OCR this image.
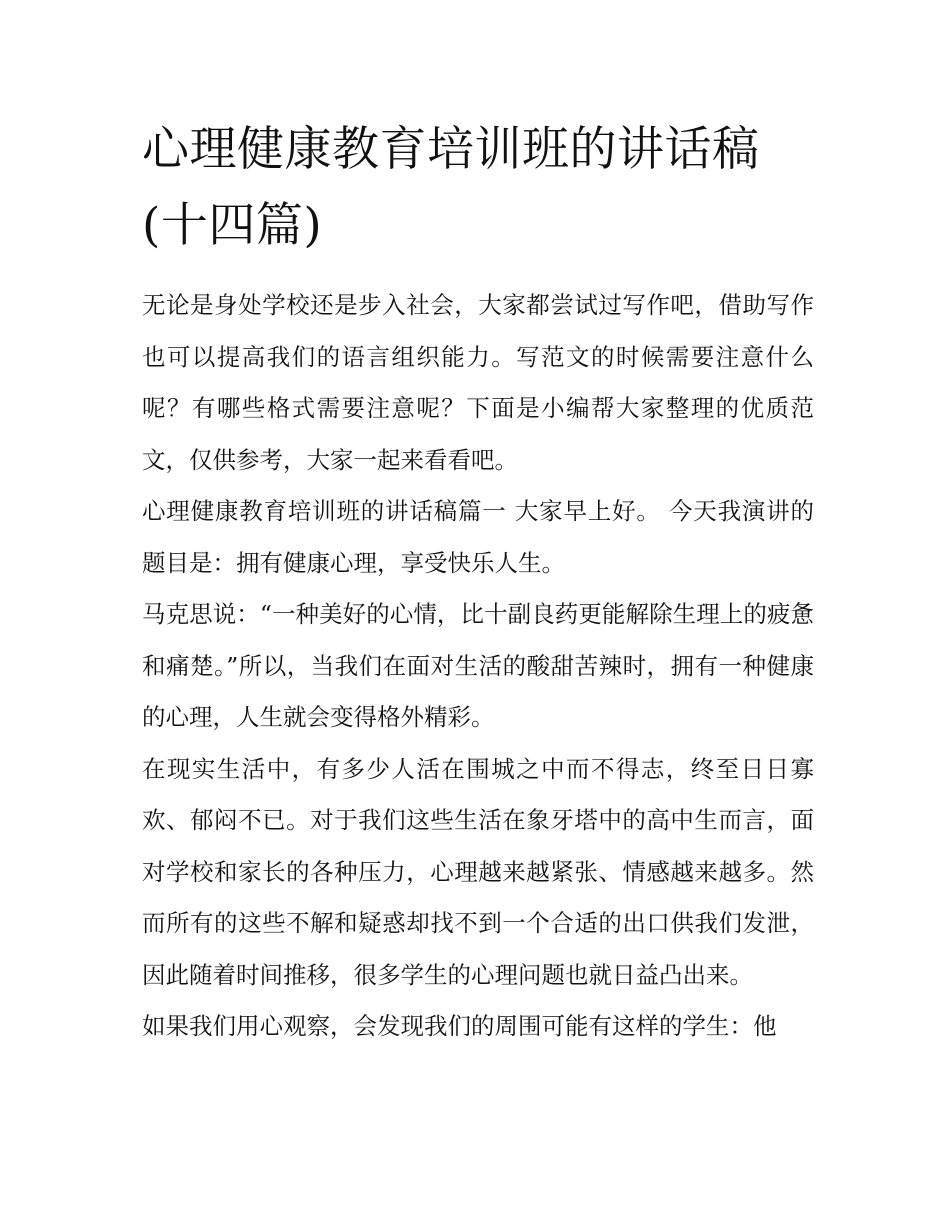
心理健康教育培训班的讲话稿(十四篇)

无论是身处学校还是步入社会，大家都尝试过写作吧，借助写作也可以提高我们的语言组织能力。写范文的时候需要注意什么呢？有哪些格式需要注意呢？下面是小编帮大家整理的优质范文，仅供参考，大家一起来看看吧。

心理健康教育培训班的讲话稿篇一 大家早上好。 今天我演讲的题目是：拥有健康心理，享受快乐人生。

马克思说：“一种美好的心情，比十副良药更能解除生理上的疲惫和痛楚。”所以，当我们在面对生活的酸甜苦辣时，拥有一种健康的心理，人生就会变得格外精彩。

在现实生活中，有多少人活在围城之中而不得志，终至日日寡欢、郁闷不已。对于我们这些生活在象牙塔中的高中生而言，面对学校和家长的各种压力，心理越来越紧张、情感越来越多。然而所有的这些不解和疑惑却找不到一个合适的出口供我们发泄，因此随着时间推移，很多学生的心理问题也就日益凸出来。

如果我们用心观察，会发现我们的周围可能有这样的学生：他
